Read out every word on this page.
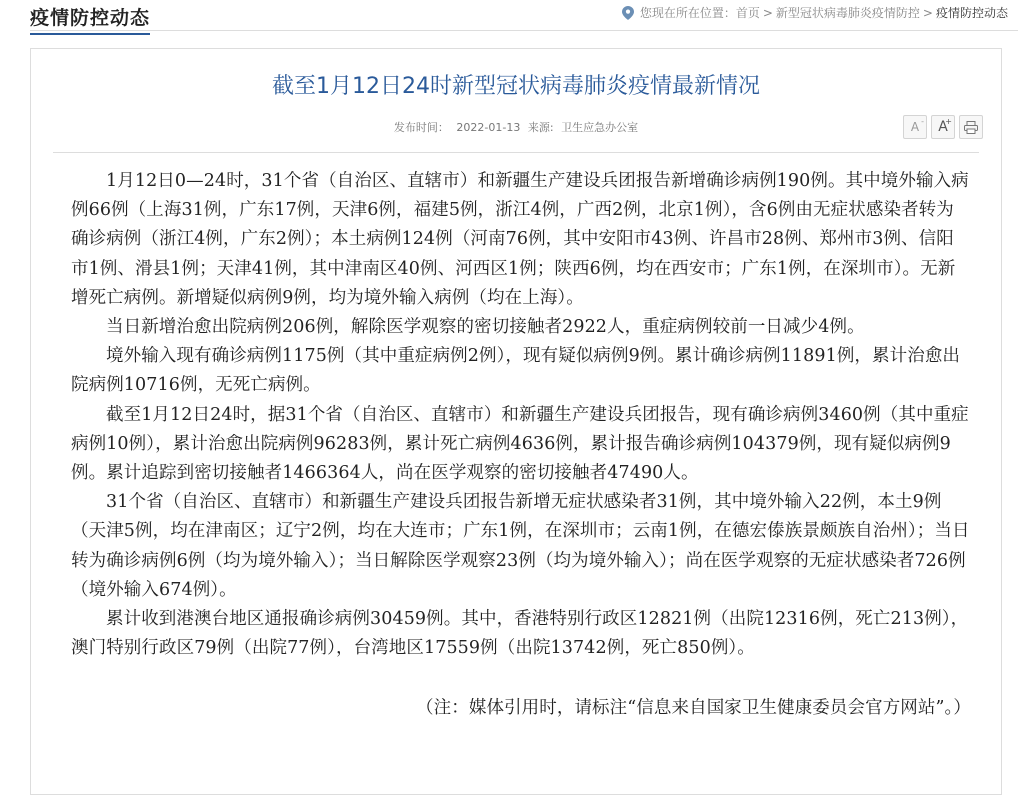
疫情防控动态	您现在所在位置： 首页 > 新型冠状病毒肺炎疫情防控 > 疫情防控动态
截至1月12日24时新型冠状病毒肺炎疫情最新情况
发布时间： 2022-01-13 来源: 卫生应急办公室	A - A
+

1月12日0—24时，31个省（自治区、直辖市）和新疆生产建设兵团报告新增确诊病例190例。其中境外输入病例66例（上海31例，广东17例，天津6例，福建5例，浙江4例，广西2例，北京1例），含6例由无症状感染者转为确诊病例（浙江4例，广东2例）；本土病例124例（河南76例，其中安阳市43例、许昌市28例、郑州市3例、信阳市1例、滑县1例；天津41例，其中津南区40例、河西区1例；陕西6例，均在西安市；广东1例，在深圳市）。无新增死亡病例。新增疑似病例9例，均为境外输入病例（均在上海）。

当日新增治愈出院病例206例，解除医学观察的密切接触者2922人，重症病例较前一日减少4例。

境外输入现有确诊病例1175例（其中重症病例2例），现有疑似病例9例。累计确诊病例11891例，累计治愈出院病例10716例，无死亡病例。

截至1月12日24时，据31个省（自治区、直辖市）和新疆生产建设兵团报告，现有确诊病例3460例（其中重症病例10例），累计治愈出院病例96283例，累计死亡病例4636例，累计报告确诊病例104379例，现有疑似病例9例。累计追踪到密切接触者1466364人，尚在医学观察的密切接触者47490人。

31个省（自治区、直辖市）和新疆生产建设兵团报告新增无症状感染者31例，其中境外输入22例，本土9例（天津5例，均在津南区；辽宁2例，均在大连市；广东1例，在深圳市；云南1例，在德宏傣族景颇族自治州）；当日转为确诊病例6例（均为境外输入）；当日解除医学观察23例（均为境外输入）；尚在医学观察的无症状感染者726例（境外输入674例）。

累计收到港澳台地区通报确诊病例30459例。其中，香港特别行政区12821例（出院12316例，死亡213例），澳门特别行政区79例（出院77例），台湾地区17559例（出院13742例，死亡850例）。

（注：媒体引用时，请标注“信息来自国家卫生健康委员会官方网站”。）
